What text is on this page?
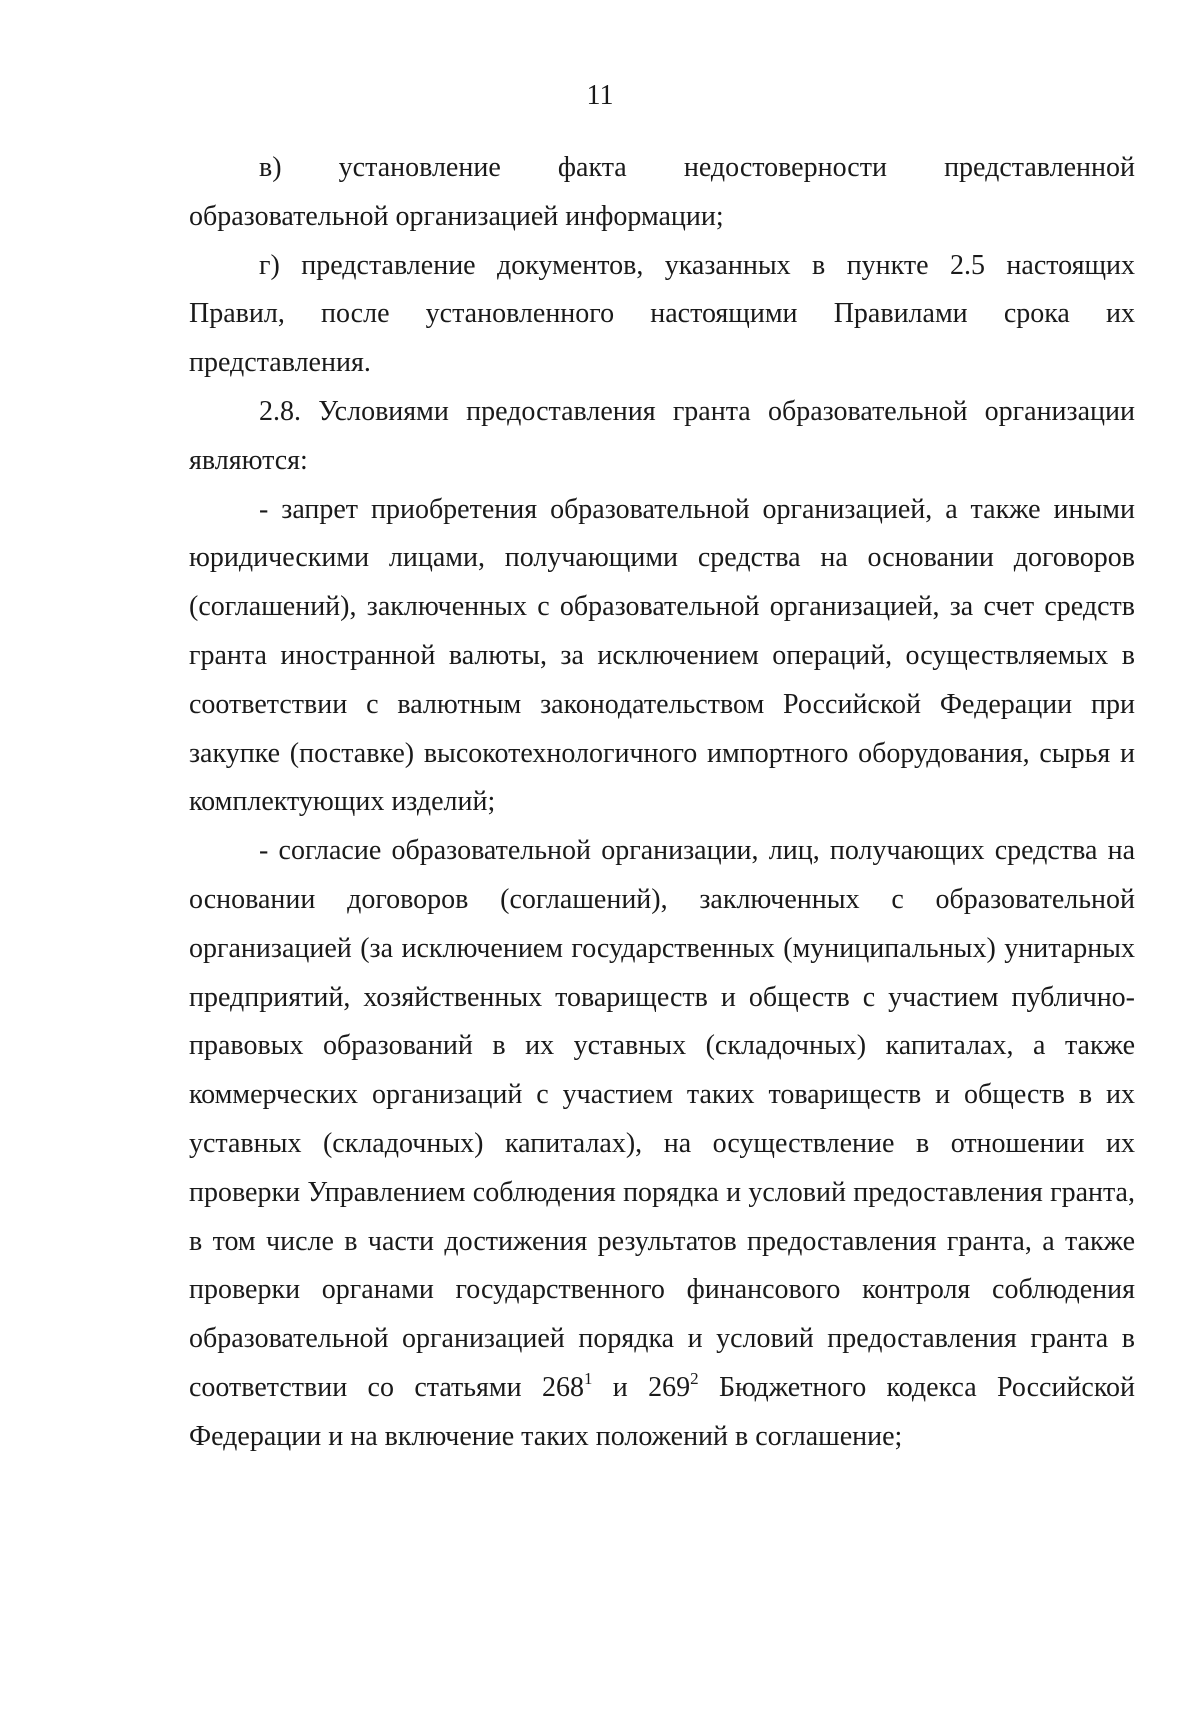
11

в) установление факта недостоверности представленной образовательной организацией информации;

г) представление документов, указанных в пункте 2.5 настоящих Правил, после установленного настоящими Правилами срока их представления.

2.8. Условиями предоставления гранта образовательной организации являются:

- запрет приобретения образовательной организацией, а также иными юридическими лицами, получающими средства на основании договоров (соглашений), заключенных с образовательной организацией, за счет средств гранта иностранной валюты, за исключением операций, осуществляемых в соответствии с валютным законодательством Российской Федерации при закупке (поставке) высокотехнологичного импортного оборудования, сырья и комплектующих изделий;

- согласие образовательной организации, лиц, получающих средства на основании договоров (соглашений), заключенных с образовательной организацией (за исключением государственных (муниципальных) унитарных предприятий, хозяйственных товариществ и обществ с участием публично-правовых образований в их уставных (складочных) капиталах, а также коммерческих организаций с участием таких товариществ и обществ в их уставных (складочных) капиталах), на осуществление в отношении их проверки Управлением соблюдения порядка и условий предоставления гранта, в том числе в части достижения результатов предоставления гранта, а также проверки органами государственного финансового контроля соблюдения образовательной организацией порядка и условий предоставления гранта в соответствии со статьями $268^1$ и $269^2$ Бюджетного кодекса Российской Федерации и на включение таких положений в соглашение;
